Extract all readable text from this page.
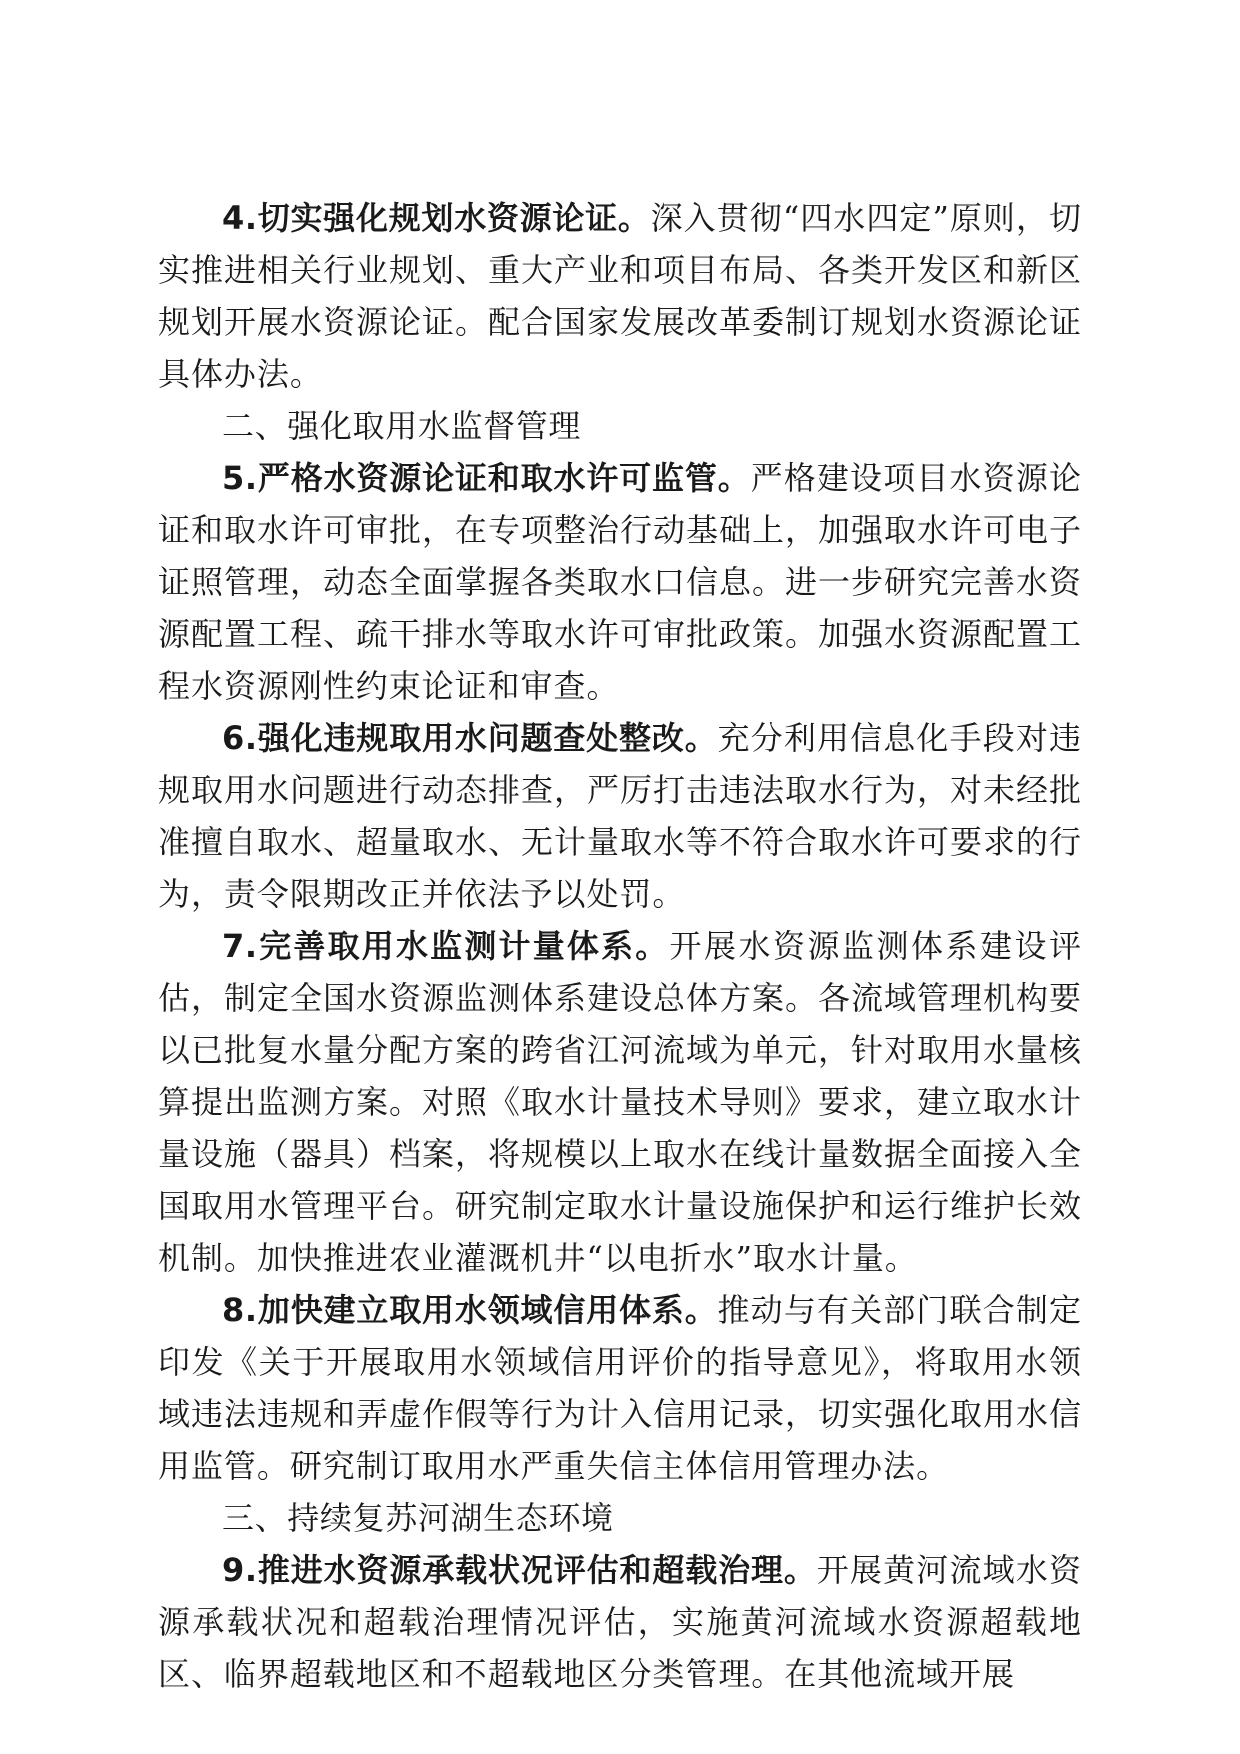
4.切实强化规划水资源论证。深入贯彻“四水四定”原则，切实推进相关行业规划、重大产业和项目布局、各类开发区和新区规划开展水资源论证。配合国家发展改革委制订规划水资源论证具体办法。

二、强化取用水监督管理

5.严格水资源论证和取水许可监管。严格建设项目水资源论证和取水许可审批，在专项整治行动基础上，加强取水许可电子证照管理，动态全面掌握各类取水口信息。进一步研究完善水资源配置工程、疏干排水等取水许可审批政策。加强水资源配置工程水资源刚性约束论证和审查。

6.强化违规取用水问题查处整改。充分利用信息化手段对违规取用水问题进行动态排查，严厉打击违法取水行为，对未经批准擅自取水、超量取水、无计量取水等不符合取水许可要求的行为，责令限期改正并依法予以处罚。

7.完善取用水监测计量体系。开展水资源监测体系建设评估，制定全国水资源监测体系建设总体方案。各流域管理机构要以已批复水量分配方案的跨省江河流域为单元，针对取用水量核算提出监测方案。对照《取水计量技术导则》要求，建立取水计量设施（器具）档案，将规模以上取水在线计量数据全面接入全国取用水管理平台。研究制定取水计量设施保护和运行维护长效机制。加快推进农业灌溉机井“以电折水”取水计量。

8.加快建立取用水领域信用体系。推动与有关部门联合制定印发《关于开展取用水领域信用评价的指导意见》，将取用水领域违法违规和弄虚作假等行为计入信用记录，切实强化取用水信用监管。研究制订取用水严重失信主体信用管理办法。

三、持续复苏河湖生态环境

9.推进水资源承载状况评估和超载治理。开展黄河流域水资源承载状况和超载治理情况评估，实施黄河流域水资源超载地区、临界超载地区和不超载地区分类管理。在其他流域开展
